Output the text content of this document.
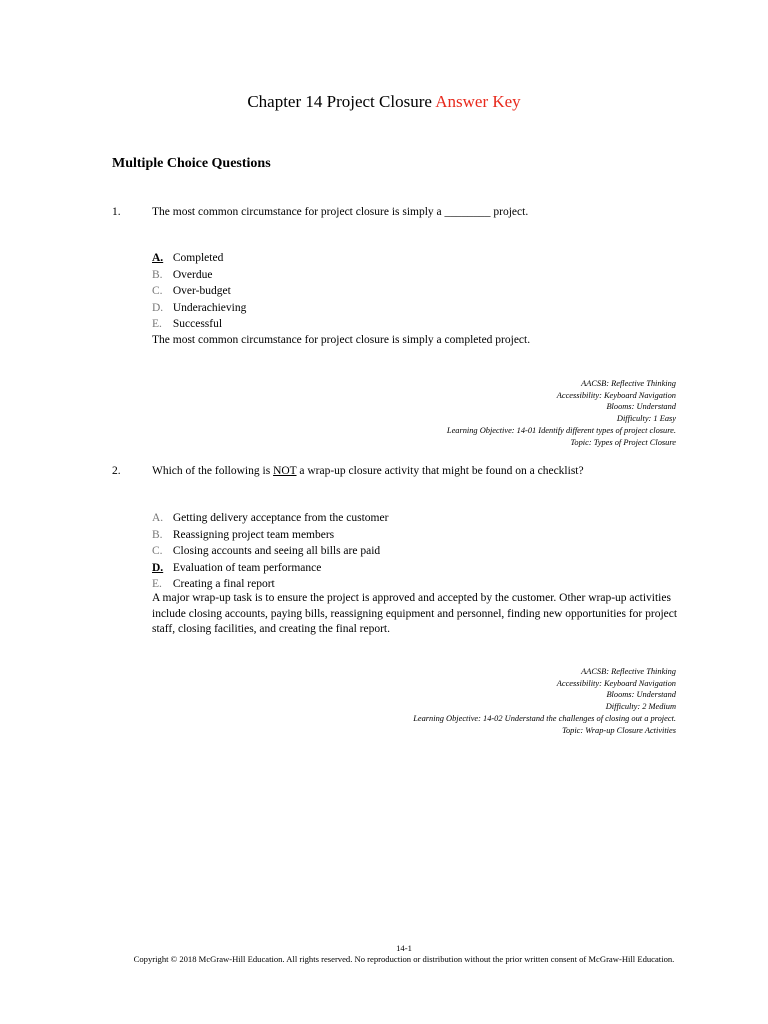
Chapter 14 Project Closure Answer Key
Multiple Choice Questions
1.	The most common circumstance for project closure is simply a ________ project.
A. Completed
B. Overdue
C. Over-budget
D. Underachieving
E. Successful
The most common circumstance for project closure is simply a completed project.
AACSB: Reflective Thinking
Accessibility: Keyboard Navigation
Blooms: Understand
Difficulty: 1 Easy
Learning Objective: 14-01 Identify different types of project closure.
Topic: Types of Project Closure
2.	Which of the following is NOT a wrap-up closure activity that might be found on a checklist?
A. Getting delivery acceptance from the customer
B. Reassigning project team members
C. Closing accounts and seeing all bills are paid
D. Evaluation of team performance
E. Creating a final report
A major wrap-up task is to ensure the project is approved and accepted by the customer. Other wrap-up activities include closing accounts, paying bills, reassigning equipment and personnel, finding new opportunities for project staff, closing facilities, and creating the final report.
AACSB: Reflective Thinking
Accessibility: Keyboard Navigation
Blooms: Understand
Difficulty: 2 Medium
Learning Objective: 14-02 Understand the challenges of closing out a project.
Topic: Wrap-up Closure Activities
14-1
Copyright © 2018 McGraw-Hill Education. All rights reserved. No reproduction or distribution without the prior written consent of McGraw-Hill Education.
